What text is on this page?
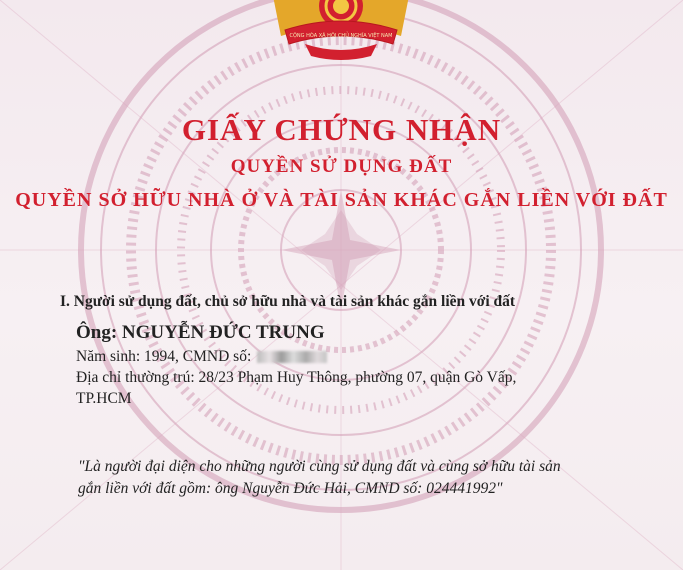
CỘNG HÒA XÃ HỘI CHỦ NGHĨA VIỆT NAM
GIẤY CHỨNG NHẬN
QUYỀN SỬ DỤNG ĐẤT
QUYỀN SỞ HỮU NHÀ Ở VÀ TÀI SẢN KHÁC GẮN LIỀN VỚI ĐẤT
I. Người sử dụng đất, chủ sở hữu nhà và tài sản khác gắn liền với đất
Ông: NGUYỄN ĐỨC TRUNG
Năm sinh: 1994, CMND số:
Địa chỉ thường trú: 28/23 Phạm Huy Thông, phường 07, quận Gò Vấp,
TP.HCM
"Là người đại diện cho những người cùng sử dụng đất và cùng sở hữu tài sản
gắn liền với đất gồm: ông Nguyễn Đức Hải, CMND số: 024441992"
